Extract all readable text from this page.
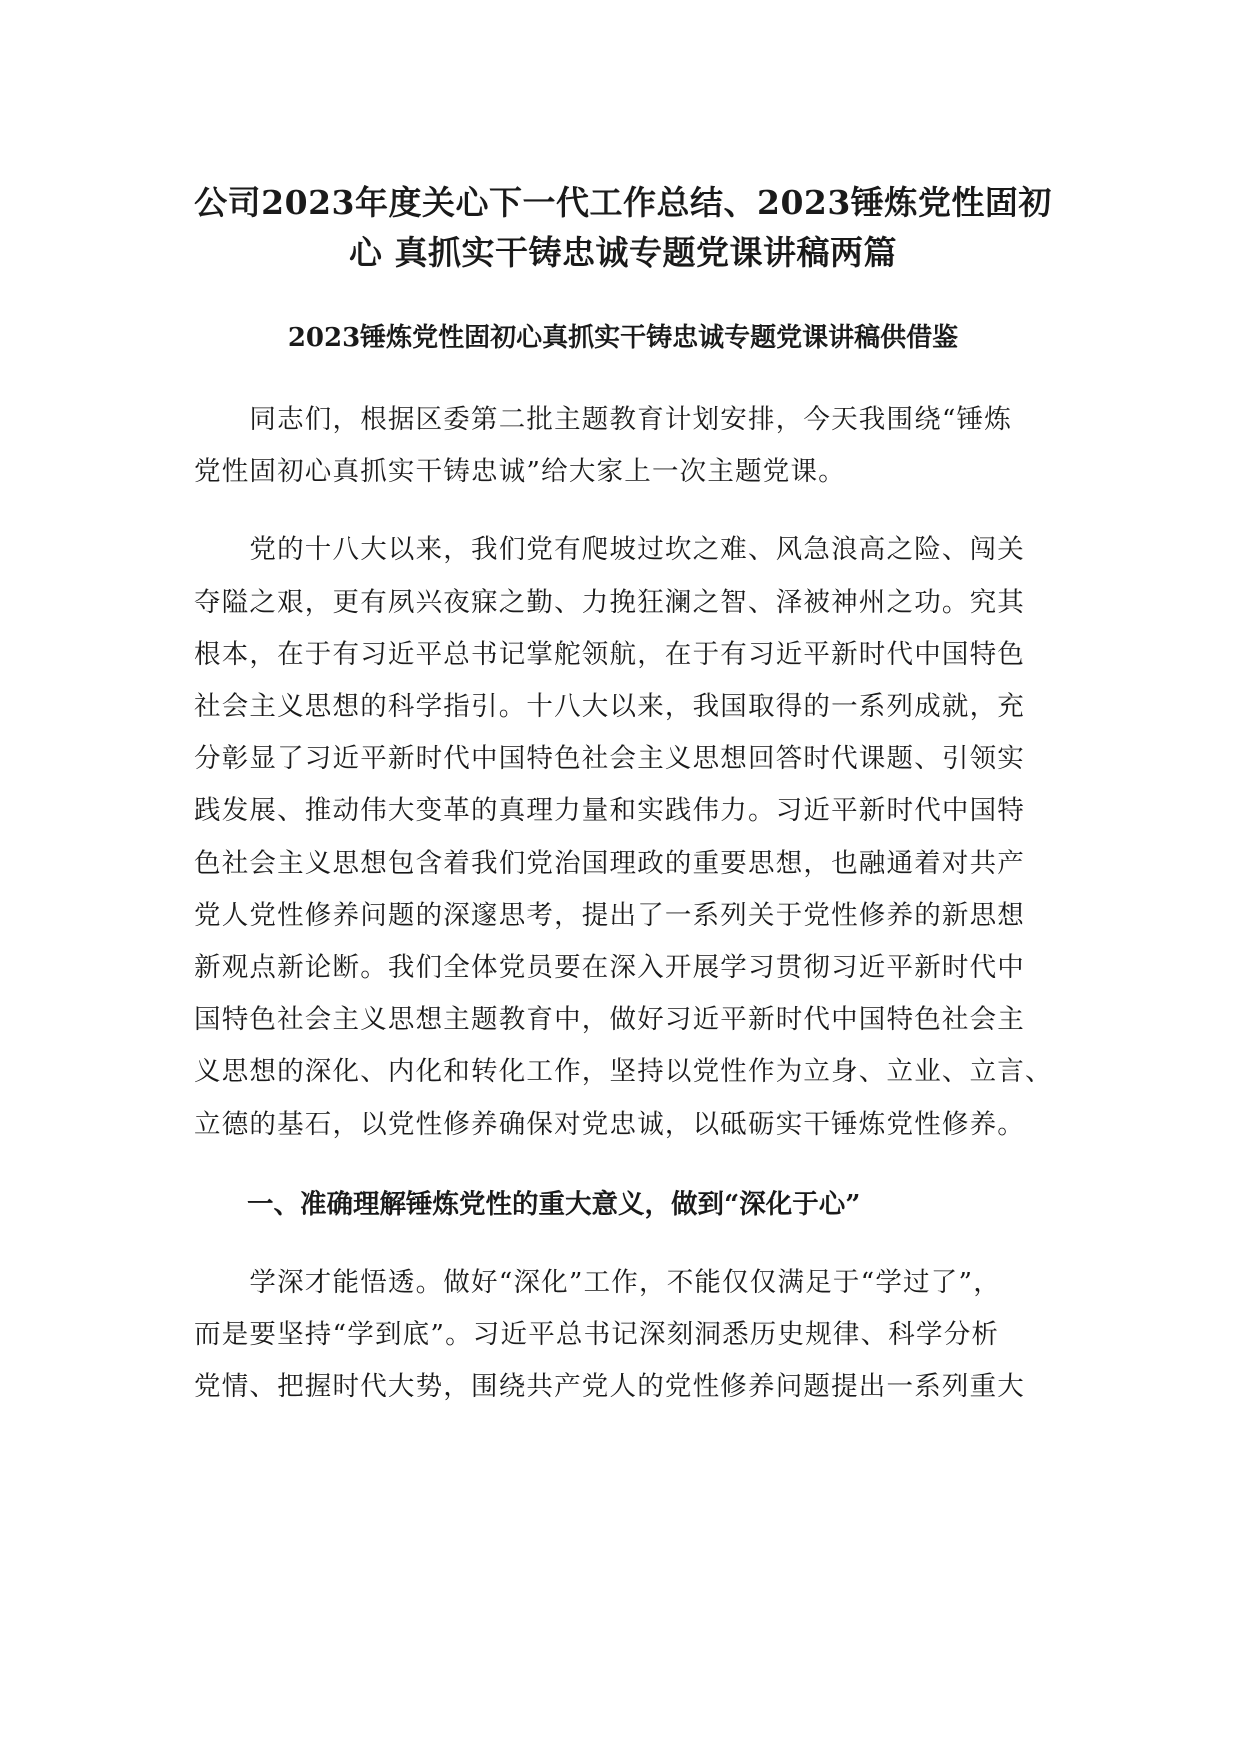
公司2023年度关心下一代工作总结、2023锤炼党性固初
心 真抓实干铸忠诚专题党课讲稿两篇
2023锤炼党性固初心真抓实干铸忠诚专题党课讲稿供借鉴

　　同志们，根据区委第二批主题教育计划安排，今天我围绕“锤炼
党性固初心真抓实干铸忠诚”给大家上一次主题党课。

　　党的十八大以来，我们党有爬坡过坎之难、风急浪高之险、闯关
夺隘之艰，更有夙兴夜寐之勤、力挽狂澜之智、泽被神州之功。究其
根本，在于有习近平总书记掌舵领航，在于有习近平新时代中国特色
社会主义思想的科学指引。十八大以来，我国取得的一系列成就，充
分彰显了习近平新时代中国特色社会主义思想回答时代课题、引领实
践发展、推动伟大变革的真理力量和实践伟力。习近平新时代中国特
色社会主义思想包含着我们党治国理政的重要思想，也融通着对共产
党人党性修养问题的深邃思考，提出了一系列关于党性修养的新思想
新观点新论断。我们全体党员要在深入开展学习贯彻习近平新时代中
国特色社会主义思想主题教育中，做好习近平新时代中国特色社会主
义思想的深化、内化和转化工作，坚持以党性作为立身、立业、立言、
立德的基石，以党性修养确保对党忠诚，以砥砺实干锤炼党性修养。

　　一、准确理解锤炼党性的重大意义，做到“深化于心”

　　学深才能悟透。做好“深化”工作，不能仅仅满足于“学过了”，
而是要坚持“学到底”。习近平总书记深刻洞悉历史规律、科学分析
党情、把握时代大势，围绕共产党人的党性修养问题提出一系列重大
